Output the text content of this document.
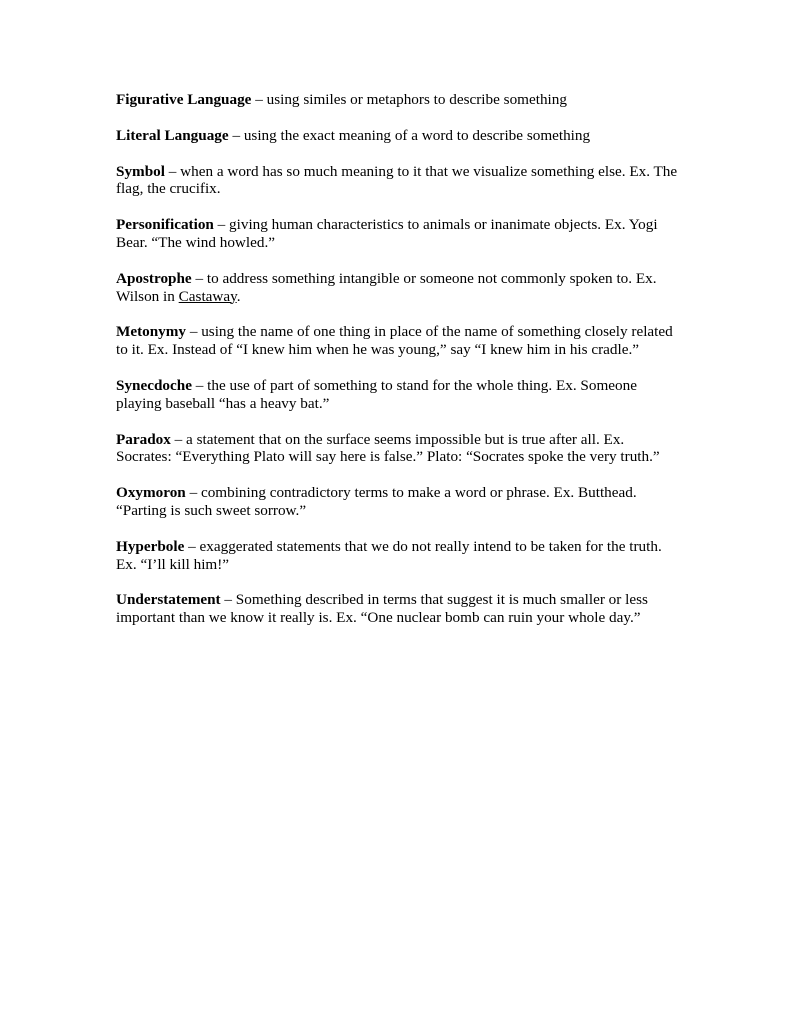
Figurative Language – using similes or metaphors to describe something

Literal Language – using the exact meaning of a word to describe something

Symbol – when a word has so much meaning to it that we visualize something else. Ex. The flag, the crucifix.

Personification – giving human characteristics to animals or inanimate objects. Ex. Yogi Bear. “The wind howled.”

Apostrophe – to address something intangible or someone not commonly spoken to. Ex. Wilson in Castaway.

Metonymy – using the name of one thing in place of the name of something closely related to it. Ex. Instead of “I knew him when he was young,” say “I knew him in his cradle.”

Synecdoche – the use of part of something to stand for the whole thing. Ex. Someone playing baseball “has a heavy bat.”

Paradox – a statement that on the surface seems impossible but is true after all. Ex. Socrates: “Everything Plato will say here is false.” Plato: “Socrates spoke the very truth.”

Oxymoron – combining contradictory terms to make a word or phrase. Ex. Butthead. “Parting is such sweet sorrow.”

Hyperbole – exaggerated statements that we do not really intend to be taken for the truth. Ex. “I’ll kill him!”

Understatement – Something described in terms that suggest it is much smaller or less important than we know it really is. Ex. “One nuclear bomb can ruin your whole day.”
